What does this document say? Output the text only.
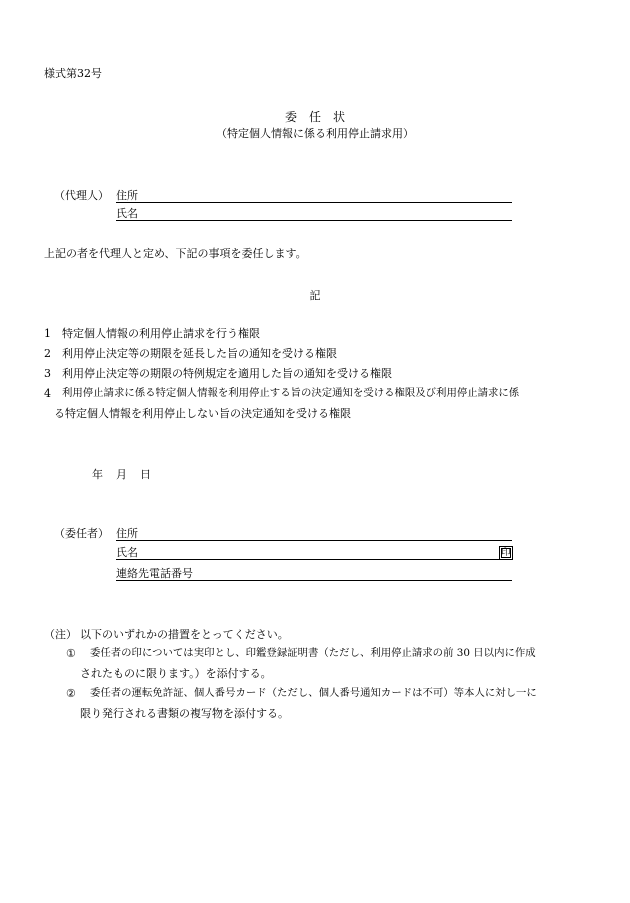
様式第32号
委　任　状
（特定個人情報に係る利用停止請求用）
（代理人） 住所
氏名
上記の者を代理人と定め、下記の事項を委任します。
記
1 特定個人情報の利用停止請求を行う権限
2 利用停止決定等の期限を延長した旨の通知を受ける権限
3 利用停止決定等の期限の特例規定を適用した旨の通知を受ける権限
4 利用停止請求に係る特定個人情報を利用停止する旨の決定通知を受ける権限及び利用停止請求に係
る特定個人情報を利用停止しない旨の決定通知を受ける権限
年 月 日
（委任者） 住所
氏名	印
連絡先電話番号
（注） 以下のいずれかの措置をとってください。
① 委任者の印については実印とし、印鑑登録証明書（ただし、利用停止請求の前 30 日以内に作成
されたものに限ります。）を添付する。
② 委任者の運転免許証、個人番号カード（ただし、個人番号通知カードは不可）等本人に対し一に
限り発行される書類の複写物を添付する。
